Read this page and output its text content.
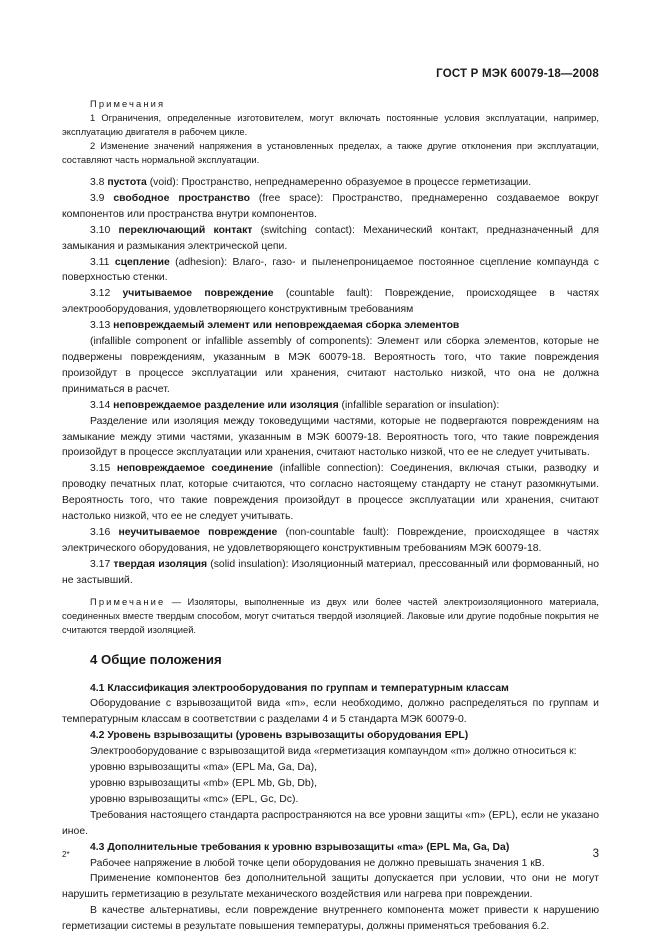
ГОСТ Р МЭК 60079-18—2008

Примечания

1 Ограничения, определенные изготовителем, могут включать постоянные условия эксплуатации, например, эксплуатацию двигателя в рабочем цикле.

2 Изменение значений напряжения в установленных пределах, а также другие отклонения при эксплуатации, составляют часть нормальной эксплуатации.

3.8 пустота (void): Пространство, непреднамеренно образуемое в процессе герметизации.

3.9 свободное пространство (free space): Пространство, преднамеренно создаваемое вокруг компонентов или пространства внутри компонентов.

3.10 переключающий контакт (switching contact): Механический контакт, предназначенный для замыкания и размыкания электрической цепи.

3.11 сцепление (adhesion): Влаго-, газо- и пыленепроницаемое постоянное сцепление компаунда с поверхностью стенки.

3.12 учитываемое повреждение (countable fault): Повреждение, происходящее в частях электрооборудования, удовлетворяющего конструктивным требованиям

3.13 неповреждаемый элемент или неповреждаемая сборка элементов

(infallible component or infallible assembly of components): Элемент или сборка элементов, которые не подвержены повреждениям, указанным в МЭК 60079-18. Вероятность того, что такие повреждения произойдут в процессе эксплуатации или хранения, считают настолько низкой, что она не должна приниматься в расчет.

3.14 неповреждаемое разделение или изоляция (infallible separation or insulation):

Разделение или изоляция между токоведущими частями, которые не подвергаются повреждениям на замыкание между этими частями, указанным в МЭК 60079-18. Вероятность того, что такие повреждения произойдут в процессе эксплуатации или хранения, считают настолько низкой, что ее не следует учитывать.

3.15 неповреждаемое соединение (infallible connection): Соединения, включая стыки, разводку и проводку печатных плат, которые считаются, что согласно настоящему стандарту не станут разомкнутыми. Вероятность того, что такие повреждения произойдут в процессе эксплуатации или хранения, считают настолько низкой, что ее не следует учитывать.

3.16 неучитываемое повреждение (non-countable fault): Повреждение, происходящее в частях электрического оборудования, не удовлетворяющего конструктивным требованиям МЭК 60079-18.

3.17 твердая изоляция (solid insulation): Изоляционный материал, прессованный или формованный, но не застывший.

Примечание — Изоляторы, выполненные из двух или более частей электроизоляционного материала, соединенных вместе твердым способом, могут считаться твердой изоляцией. Лаковые или другие подобные покрытия не считаются твердой изоляцией.

4 Общие положения

4.1 Классификация электрооборудования по группам и температурным классам

Оборудование с взрывозащитой вида «m», если необходимо, должно распределяться по группам и температурным классам в соответствии с разделами 4 и 5 стандарта МЭК 60079-0.

4.2 Уровень взрывозащиты (уровень взрывозащиты оборудования EPL)

Электрооборудование с взрывозащитой вида «герметизация компаундом «m» должно относиться к:

уровню взрывозащиты «ma» (EPL Ma, Ga, Da),

уровню взрывозащиты «mb» (EPL Mb, Gb, Db),

уровню взрывозащиты «mc» (EPL, Gc, Dc).

Требования настоящего стандарта распространяются на все уровни защиты «m» (EPL), если не указано иное.

4.3 Дополнительные требования к уровню взрывозащиты «ma» (EPL Ma, Ga, Da)

Рабочее напряжение в любой точке цепи оборудования не должно превышать значения 1 кВ.

Применение компонентов без дополнительной защиты допускается при условии, что они не могут нарушить герметизацию в результате механического воздействия или нагрева при повреждении.

В качестве альтернативы, если повреждение внутреннего компонента может привести к нарушению герметизации системы в результате повышения температуры, должны применяться требования 6.2.

2*	3
